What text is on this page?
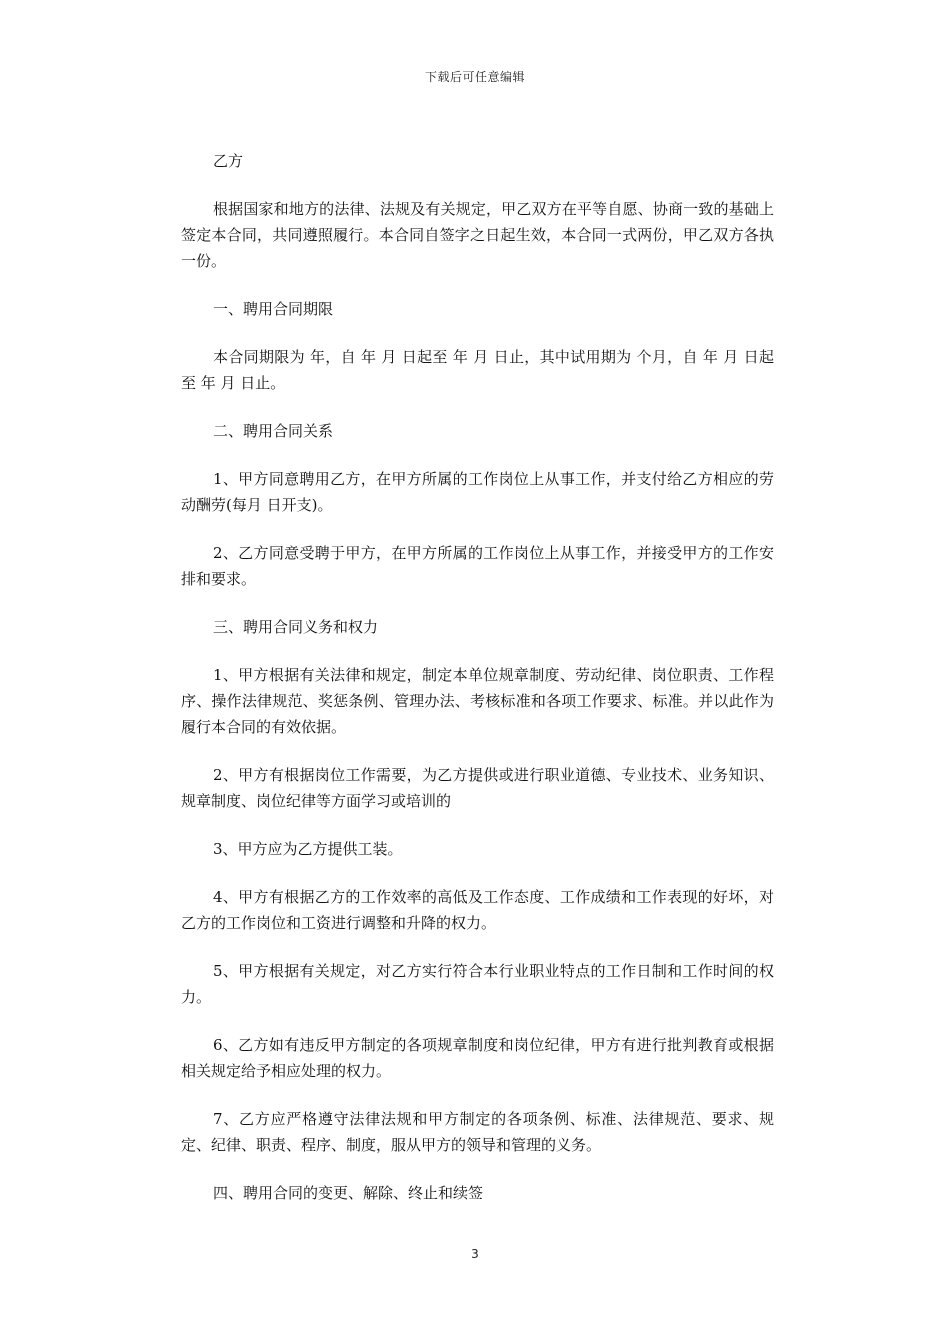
下载后可任意编辑

乙方

根据国家和地方的法律、法规及有关规定，甲乙双方在平等自愿、协商一致的基础上签定本合同，共同遵照履行。本合同自签字之日起生效，本合同一式两份，甲乙双方各执一份。

一、聘用合同期限

本合同期限为 年，自 年 月 日起至 年 月 日止，其中试用期为 个月，自 年 月 日起至 年 月 日止。

二、聘用合同关系

1、甲方同意聘用乙方，在甲方所属的工作岗位上从事工作，并支付给乙方相应的劳动酬劳(每月 日开支)。

2、乙方同意受聘于甲方，在甲方所属的工作岗位上从事工作，并接受甲方的工作安排和要求。

三、聘用合同义务和权力

1、甲方根据有关法律和规定，制定本单位规章制度、劳动纪律、岗位职责、工作程序、操作法律规范、奖惩条例、管理办法、考核标准和各项工作要求、标准。并以此作为履行本合同的有效依据。

2、甲方有根据岗位工作需要，为乙方提供或进行职业道德、专业技术、业务知识、规章制度、岗位纪律等方面学习或培训的

3、甲方应为乙方提供工装。

4、甲方有根据乙方的工作效率的高低及工作态度、工作成绩和工作表现的好坏，对乙方的工作岗位和工资进行调整和升降的权力。

5、甲方根据有关规定，对乙方实行符合本行业职业特点的工作日制和工作时间的权力。

6、乙方如有违反甲方制定的各项规章制度和岗位纪律，甲方有进行批判教育或根据相关规定给予相应处理的权力。

7、乙方应严格遵守法律法规和甲方制定的各项条例、标准、法律规范、要求、规定、纪律、职责、程序、制度，服从甲方的领导和管理的义务。

四、聘用合同的变更、解除、终止和续签

3
